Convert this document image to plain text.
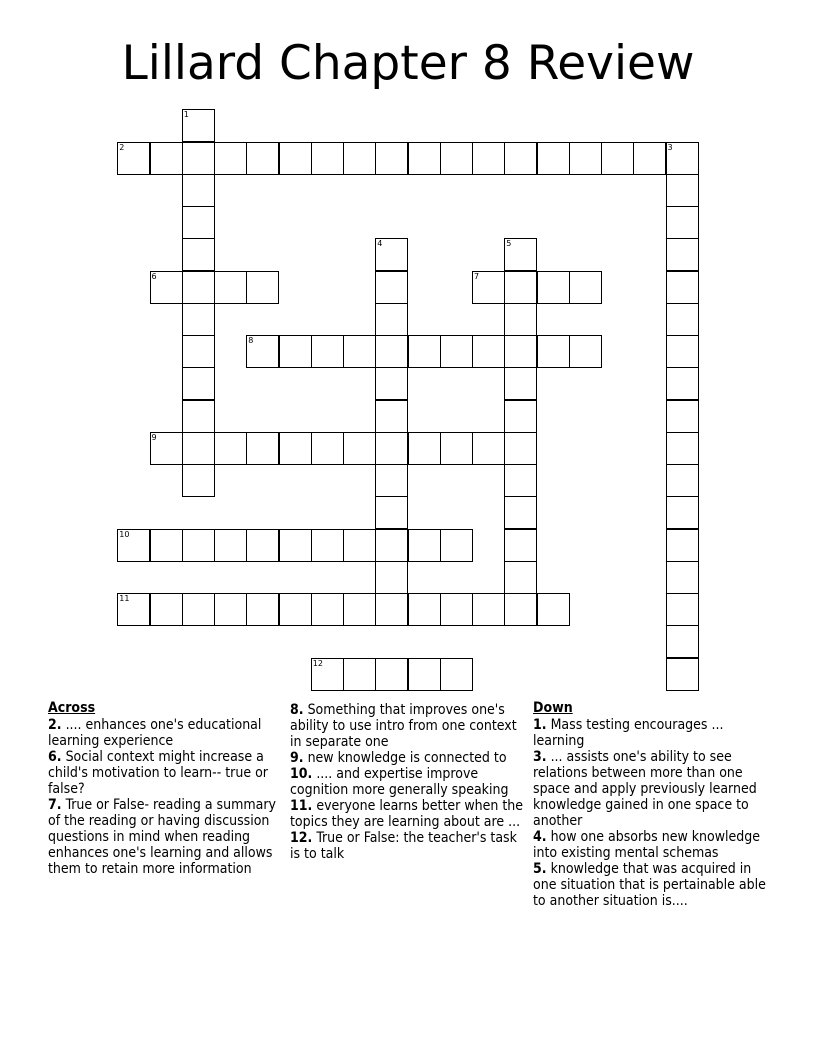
Lillard Chapter 8 Review
1
2	3
4	5
6	7
8
9
10
11
12
Across
2. .... enhances one's educational learning experience
6. Social context might increase a child's motivation to learn-- true or false?
7. True or False- reading a summary of the reading or having discussion questions in mind when reading enhances one's learning and allows them to retain more information
8. Something that improves one's ability to use intro from one context in separate one
9. new knowledge is connected to
10. .... and expertise improve cognition more generally speaking
11. everyone learns better when the topics they are learning about are ...
12. True or False: the teacher's task is to talk
Down
1. Mass testing encourages ... learning
3. ... assists one's ability to see relations between more than one space and apply previously learned knowledge gained in one space to another
4. how one absorbs new knowledge into existing mental schemas
5. knowledge that was acquired in one situation that is pertainable able to another situation is....
